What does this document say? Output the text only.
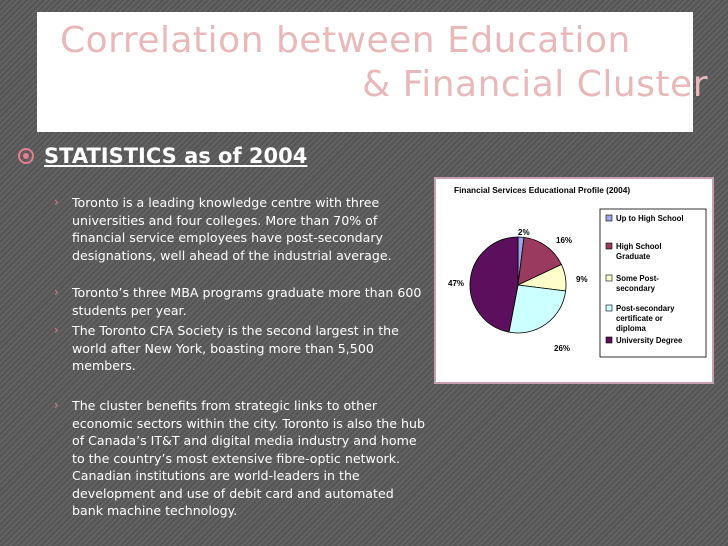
Correlation between Education
& Financial Cluster
STATISTICS as of 2004
› Toronto is a leading knowledge centre with three universities and four colleges. More than 70% of financial service employees have post-secondary designations, well ahead of the industrial average.
› Toronto’s three MBA programs graduate more than 600 students per year.
› The Toronto CFA Society is the second largest in the world after New York, boasting more than 5,500 members.
› The cluster benefits from strategic links to other economic sectors within the city. Toronto is also the hub of Canada’s IT&T and digital media industry and home to the country’s most extensive fibre-optic network. Canadian institutions are world-leaders in the development and use of debit card and automated bank machine technology.
Financial Services Educational Profile (2004)
2%
16%
9%
26%
47%
Up to High School
High School
Graduate
Some Post-
secondary
Post-secondary
certificate or
diploma
University Degree
